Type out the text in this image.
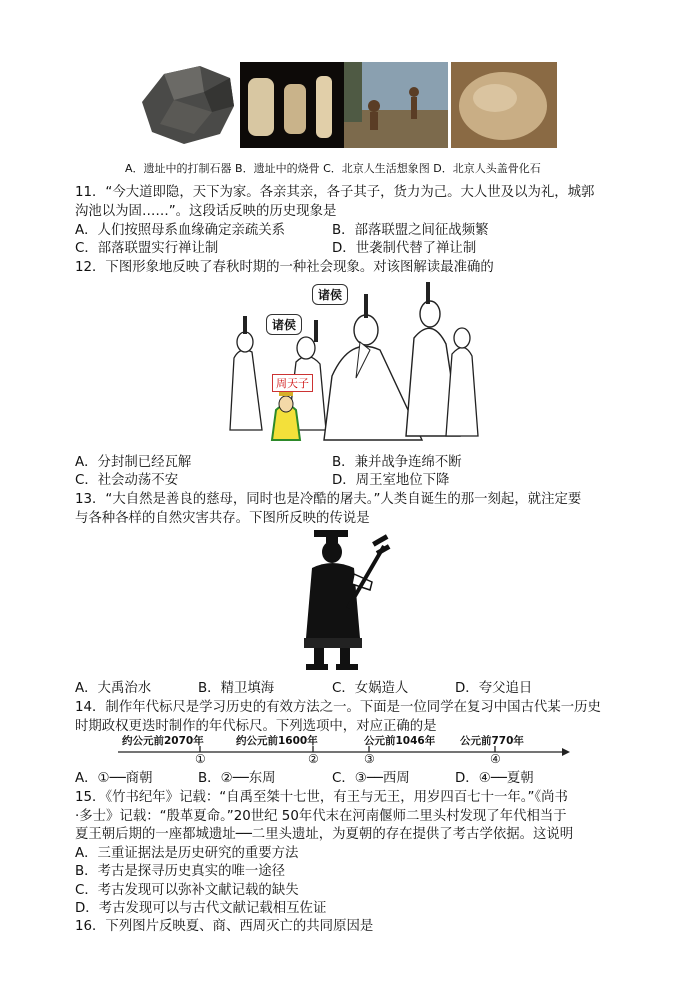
A．遗址中的打制石器 B．遗址中的烧骨 C．北京人生活想象图 D．北京人头盖骨化石
11．“今大道即隐，天下为家。各亲其亲，各子其子，货力为己。大人世及以为礼，城郭
沟池以为固……”。这段话反映的历史现象是
A．人们按照母系血缘确定亲疏关系	B．部落联盟之间征战频繁
C．部落联盟实行禅让制	D．世袭制代替了禅让制
12．下图形象地反映了春秋时期的一种社会现象。对该图解读最准确的
诸侯
诸侯
周天子
A．分封制已经瓦解	B．兼并战争连绵不断
C．社会动荡不安	D．周王室地位下降
13．“大自然是善良的慈母，同时也是冷酷的屠夫。”人类自诞生的那一刻起，就注定要
与各种各样的自然灾害共存。下图所反映的传说是
A．大禹治水	B．精卫填海	C．女娲造人	D．夸父追日
14．制作年代标尺是学习历史的有效方法之一。下面是一位同学在复习中国古代某一历史
时期政权更迭时制作的年代标尺。下列选项中，对应正确的是
约公元前2070年	约公元前1600年	公元前1046年 公元前770年
①	②	③	④
A．①──商朝	B．②──东周	C．③──西周	D．④──夏朝
15．《竹书纪年》记载：“自禹至桀十七世，有王与无王，用岁四百七十一年。”《尚书
·多士》记载：“殷革夏命。”20世纪 50年代末在河南偃师二里头村发现了年代相当于
夏王朝后期的一座都城遗址──二里头遗址，为夏朝的存在提供了考古学依据。这说明
A．三重证据法是历史研究的重要方法
B．考古是探寻历史真实的唯一途径
C．考古发现可以弥补文献记载的缺失
D．考古发现可以与古代文献记载相互佐证
16．下列图片反映夏、商、西周灭亡的共同原因是
